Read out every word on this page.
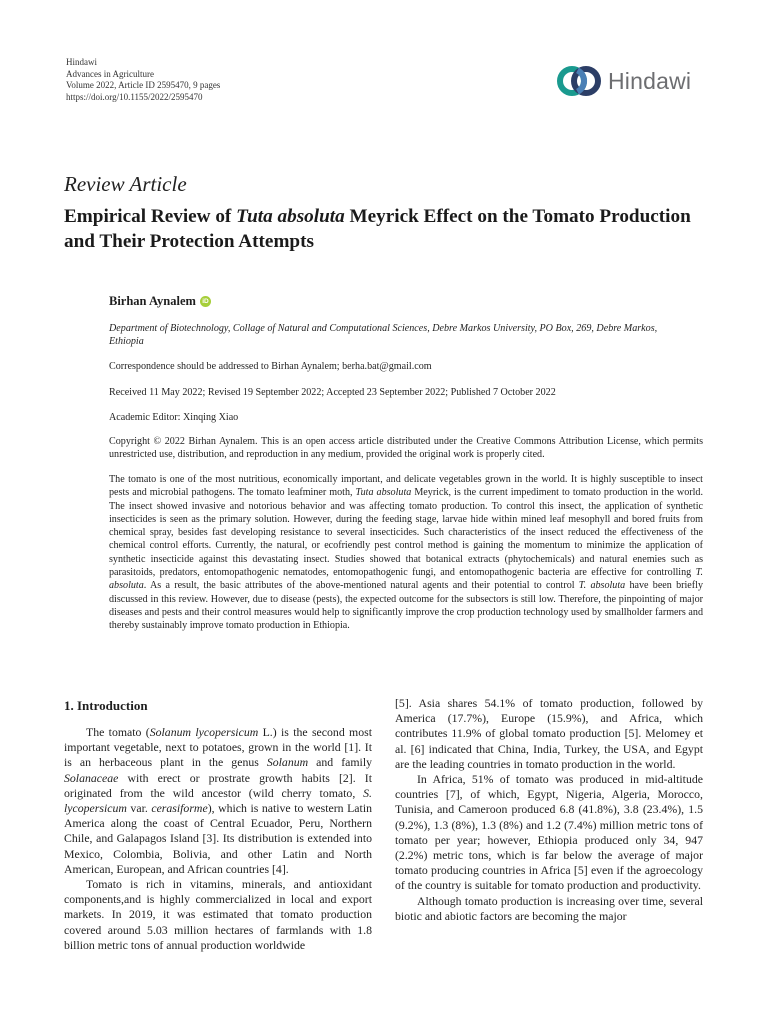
Hindawi
Advances in Agriculture
Volume 2022, Article ID 2595470, 9 pages
https://doi.org/10.1155/2022/2595470
Hindawi
Review Article
Empirical Review of Tuta absoluta Meyrick Effect on the Tomato Production and Their Protection Attempts
Birhan Aynalem iD
Department of Biotechnology, Collage of Natural and Computational Sciences, Debre Markos University, PO Box, 269, Debre Markos, Ethiopia
Correspondence should be addressed to Birhan Aynalem; berha.bat@gmail.com
Received 11 May 2022; Revised 19 September 2022; Accepted 23 September 2022; Published 7 October 2022
Academic Editor: Xinqing Xiao
Copyright © 2022 Birhan Aynalem. This is an open access article distributed under the Creative Commons Attribution License, which permits unrestricted use, distribution, and reproduction in any medium, provided the original work is properly cited.

The tomato is one of the most nutritious, economically important, and delicate vegetables grown in the world. It is highly susceptible to insect pests and microbial pathogens. The tomato leafminer moth, Tuta absoluta Meyrick, is the current impediment to tomato production in the world. The insect showed invasive and notorious behavior and was affecting tomato production. To control this insect, the application of synthetic insecticides is seen as the primary solution. However, during the feeding stage, larvae hide within mined leaf mesophyll and bored fruits from chemical spray, besides fast developing resistance to several insecticides. Such characteristics of the insect reduced the effectiveness of the chemical control efforts. Currently, the natural, or ecofriendly pest control method is gaining the momentum to minimize the application of synthetic insecticide against this devastating insect. Studies showed that botanical extracts (phytochemicals) and natural enemies such as parasitoids, predators, entomopathogenic nematodes, entomopathogenic fungi, and entomopathogenic bacteria are effective for controlling T. absoluta. As a result, the basic attributes of the above-mentioned natural agents and their potential to control T. absoluta have been briefly discussed in this review. However, due to disease (pests), the expected outcome for the subsectors is still low. Therefore, the pinpointing of major diseases and pests and their control measures would help to significantly improve the crop production technology used by smallholder farmers and thereby sustainably improve tomato production in Ethiopia.

1. Introduction

The tomato (Solanum lycopersicum L.) is the second most important vegetable, next to potatoes, grown in the world [1]. It is an herbaceous plant in the genus Solanum and family Solanaceae with erect or prostrate growth habits [2]. It originated from the wild ancestor (wild cherry tomato, S. lycopersicum var. cerasiforme), which is native to western Latin America along the coast of Central Ecuador, Peru, Northern Chile, and Galapagos Island [3]. Its distribution is extended into Mexico, Colombia, Bolivia, and other Latin and North American, European, and African countries [4].

Tomato is rich in vitamins, minerals, and antioxidant components,and is highly commercialized in local and export markets. In 2019, it was estimated that tomato production covered around 5.03 million hectares of farmlands with 1.8 billion metric tons of annual production worldwide

[5]. Asia shares 54.1% of tomato production, followed by America (17.7%), Europe (15.9%), and Africa, which contributes 11.9% of global tomato production [5]. Melomey et al. [6] indicated that China, India, Turkey, the USA, and Egypt are the leading countries in tomato production in the world.

In Africa, 51% of tomato was produced in mid-altitude countries [7], of which, Egypt, Nigeria, Algeria, Morocco, Tunisia, and Cameroon produced 6.8 (41.8%), 3.8 (23.4%), 1.5 (9.2%), 1.3 (8%), 1.3 (8%) and 1.2 (7.4%) million metric tons of tomato per year; however, Ethiopia produced only 34, 947 (2.2%) metric tons, which is far below the average of major tomato producing countries in Africa [5] even if the agroecology of the country is suitable for tomato production and productivity.

Although tomato production is increasing over time, several biotic and abiotic factors are becoming the major
